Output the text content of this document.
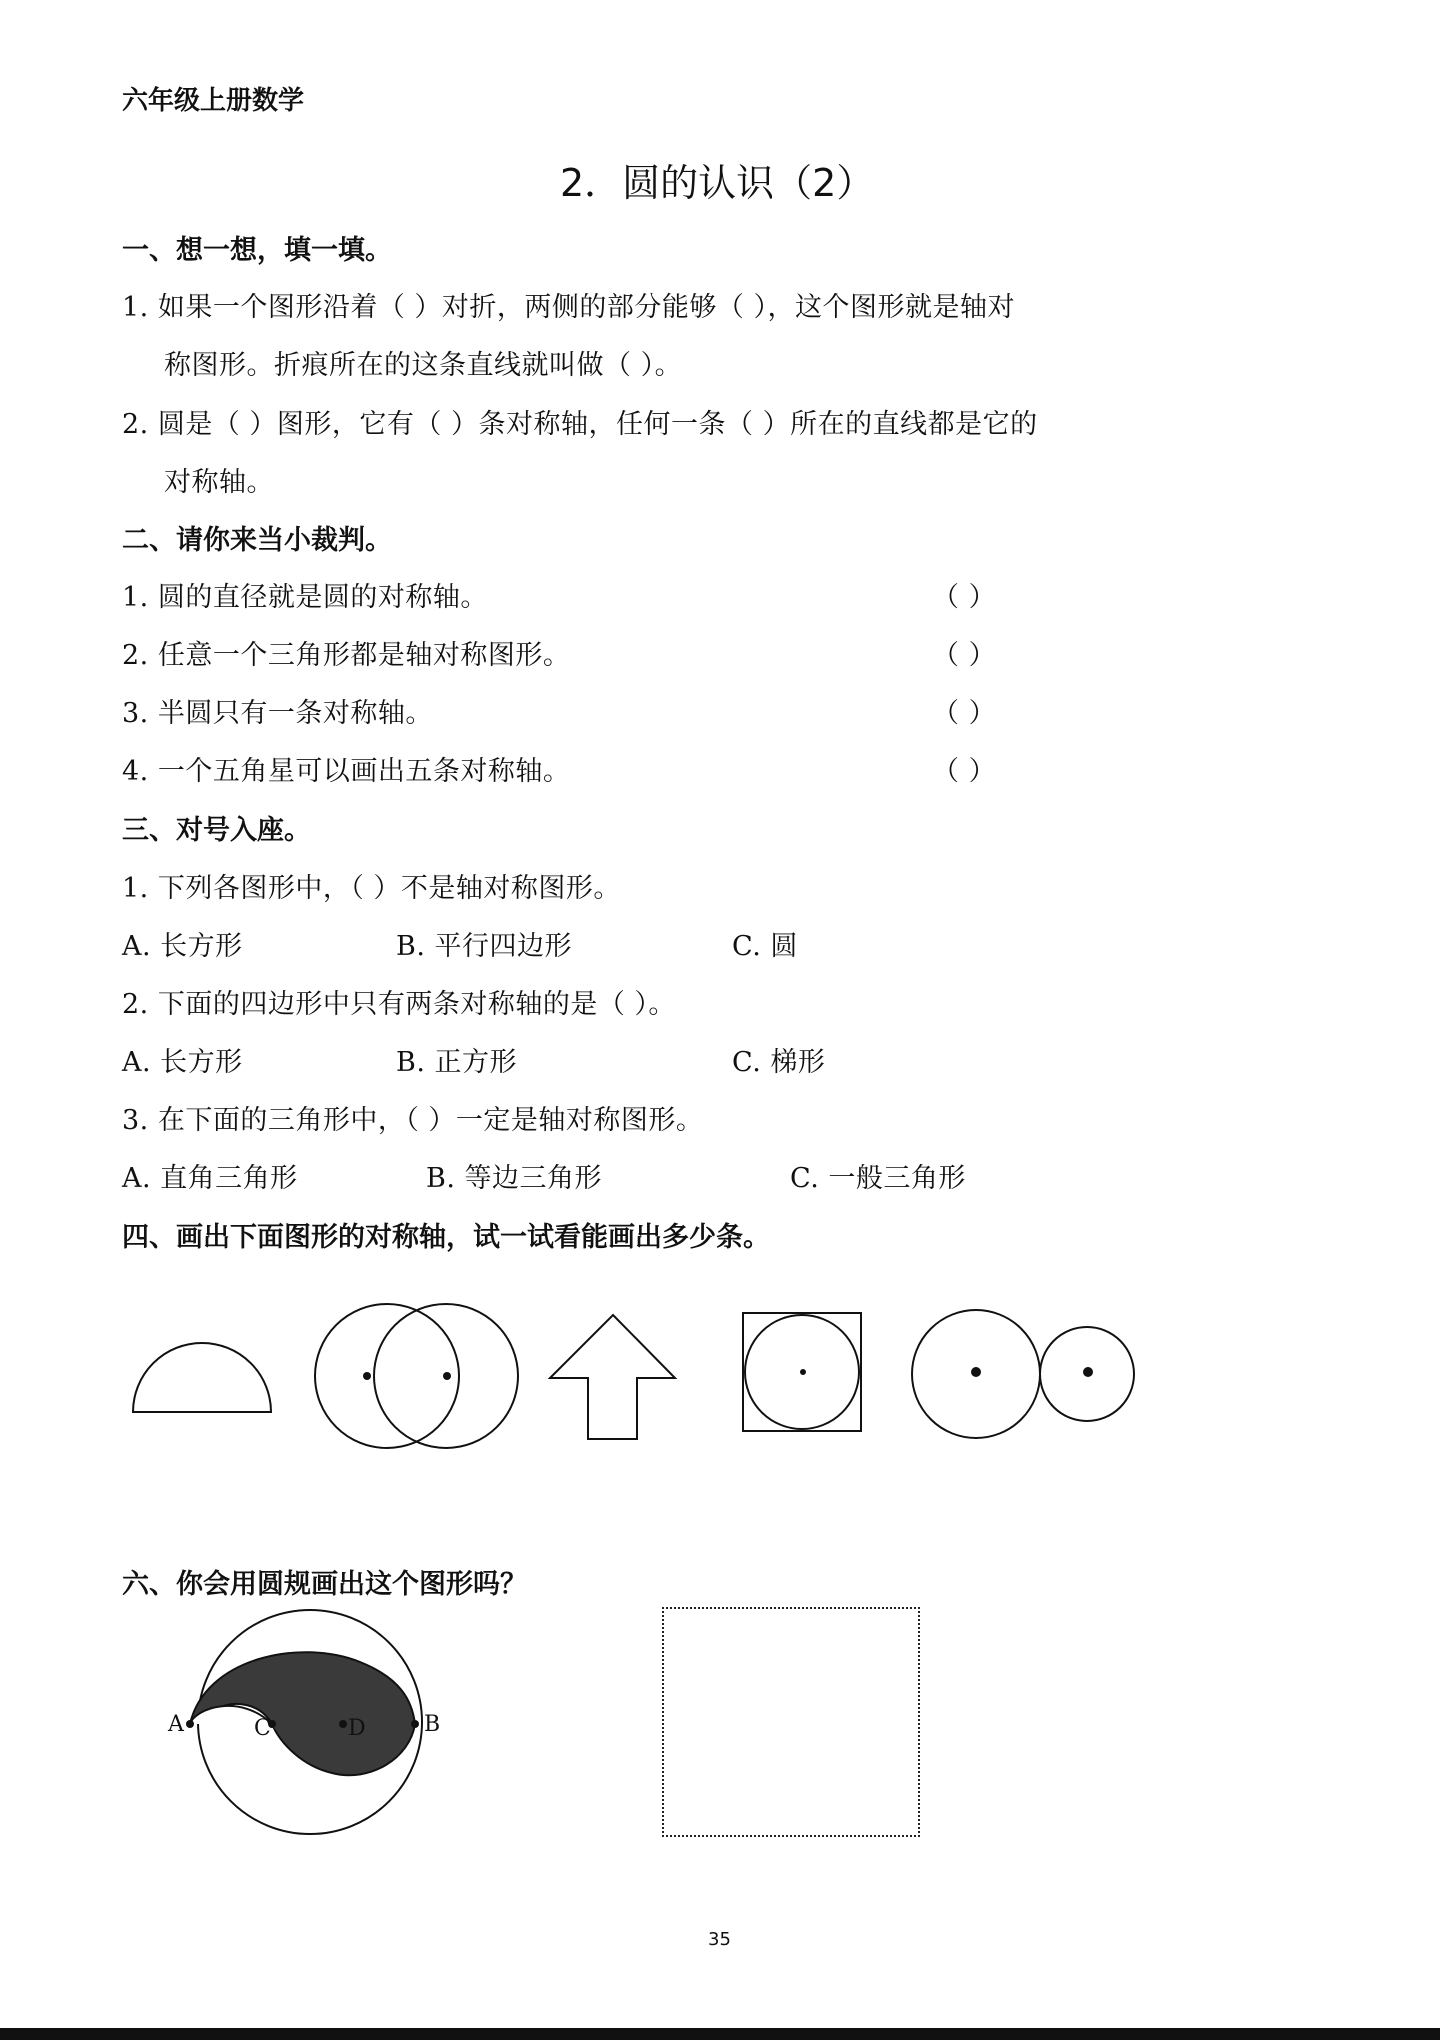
六年级上册数学
2．圆的认识（2）
一、想一想，填一填。
1. 如果一个图形沿着（ ）对折，两侧的部分能够（ ），这个图形就是轴对
称图形。折痕所在的这条直线就叫做（ ）。
2. 圆是（ ）图形，它有（ ）条对称轴，任何一条（ ）所在的直线都是它的
对称轴。
二、请你来当小裁判。
1. 圆的直径就是圆的对称轴。	（ ）
2. 任意一个三角形都是轴对称图形。	（ ）
3. 半圆只有一条对称轴。	（ ）
4. 一个五角星可以画出五条对称轴。	（ ）
三、对号入座。
1. 下列各图形中，（ ）不是轴对称图形。
A. 长方形	B. 平行四边形	C. 圆
2. 下面的四边形中只有两条对称轴的是（ ）。
A. 长方形	B. 正方形	C. 梯形
3. 在下面的三角形中，（ ）一定是轴对称图形。
A. 直角三角形	B. 等边三角形	C. 一般三角形
四、画出下面图形的对称轴，试一试看能画出多少条。
六、你会用圆规画出这个图形吗？
A	C	D	B
35
